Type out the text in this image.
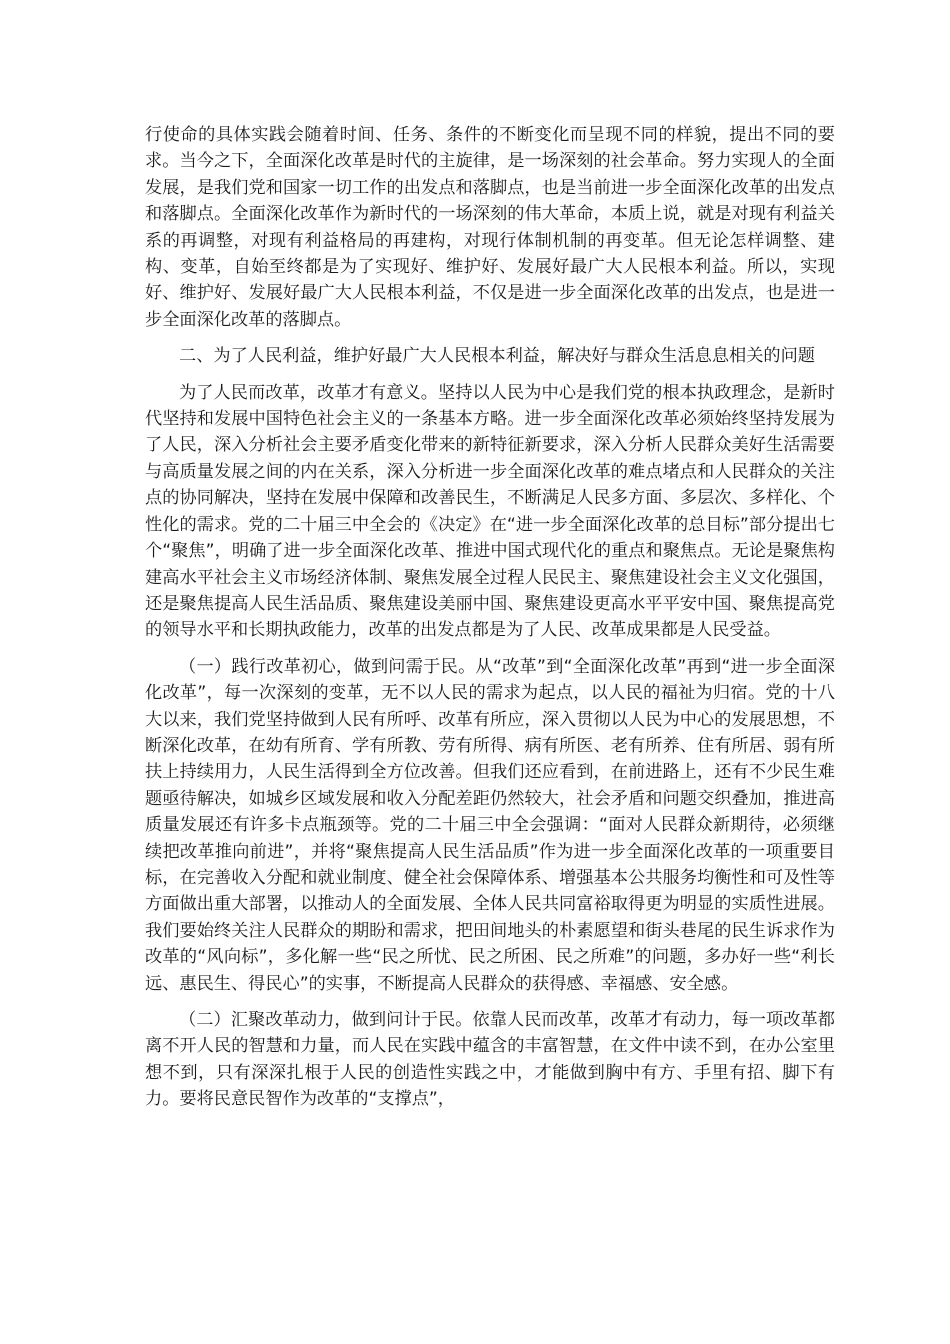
行使命的具体实践会随着时间、任务、条件的不断变化而呈现不同的样貌，提出不同的要求。当今之下，全面深化改革是时代的主旋律，是一场深刻的社会革命。努力实现人的全面发展，是我们党和国家一切工作的出发点和落脚点，也是当前进一步全面深化改革的出发点和落脚点。全面深化改革作为新时代的一场深刻的伟大革命，本质上说，就是对现有利益关系的再调整，对现有利益格局的再建构，对现行体制机制的再变革。但无论怎样调整、建构、变革，自始至终都是为了实现好、维护好、发展好最广大人民根本利益。所以，实现好、维护好、发展好最广大人民根本利益，不仅是进一步全面深化改革的出发点，也是进一步全面深化改革的落脚点。

二、为了人民利益，维护好最广大人民根本利益，解决好与群众生活息息相关的问题

为了人民而改革，改革才有意义。坚持以人民为中心是我们党的根本执政理念，是新时代坚持和发展中国特色社会主义的一条基本方略。进一步全面深化改革必须始终坚持发展为了人民，深入分析社会主要矛盾变化带来的新特征新要求，深入分析人民群众美好生活需要与高质量发展之间的内在关系，深入分析进一步全面深化改革的难点堵点和人民群众的关注点的协同解决，坚持在发展中保障和改善民生，不断满足人民多方面、多层次、多样化、个性化的需求。党的二十届三中全会的《决定》在“进一步全面深化改革的总目标”部分提出七个“聚焦”，明确了进一步全面深化改革、推进中国式现代化的重点和聚焦点。无论是聚焦构建高水平社会主义市场经济体制、聚焦发展全过程人民民主、聚焦建设社会主义文化强国，还是聚焦提高人民生活品质、聚焦建设美丽中国、聚焦建设更高水平平安中国、聚焦提高党的领导水平和长期执政能力，改革的出发点都是为了人民、改革成果都是人民受益。

（一）践行改革初心，做到问需于民。从“改革”到“全面深化改革”再到“进一步全面深化改革”，每一次深刻的变革，无不以人民的需求为起点，以人民的福祉为归宿。党的十八大以来，我们党坚持做到人民有所呼、改革有所应，深入贯彻以人民为中心的发展思想，不断深化改革，在幼有所育、学有所教、劳有所得、病有所医、老有所养、住有所居、弱有所扶上持续用力，人民生活得到全方位改善。但我们还应看到，在前进路上，还有不少民生难题亟待解决，如城乡区域发展和收入分配差距仍然较大，社会矛盾和问题交织叠加，推进高质量发展还有许多卡点瓶颈等。党的二十届三中全会强调：“面对人民群众新期待，必须继续把改革推向前进”，并将“聚焦提高人民生活品质”作为进一步全面深化改革的一项重要目标，在完善收入分配和就业制度、健全社会保障体系、增强基本公共服务均衡性和可及性等方面做出重大部署，以推动人的全面发展、全体人民共同富裕取得更为明显的实质性进展。我们要始终关注人民群众的期盼和需求，把田间地头的朴素愿望和街头巷尾的民生诉求作为改革的“风向标”，多化解一些“民之所忧、民之所困、民之所难”的问题，多办好一些“利长远、惠民生、得民心”的实事，不断提高人民群众的获得感、幸福感、安全感。

（二）汇聚改革动力，做到问计于民。依靠人民而改革，改革才有动力，每一项改革都离不开人民的智慧和力量，而人民在实践中蕴含的丰富智慧，在文件中读不到，在办公室里想不到，只有深深扎根于人民的创造性实践之中，才能做到胸中有方、手里有招、脚下有力。要将民意民智作为改革的“支撑点”，
